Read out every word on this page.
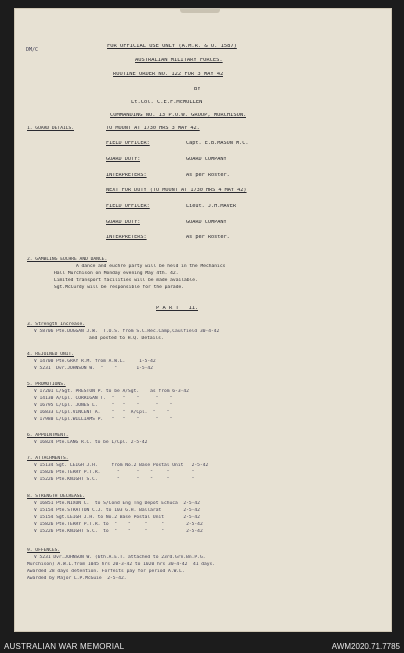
DM/C
FOR OFFICIAL USE ONLY (A.M.R. & O. 1587)
AUSTRALIAN MILITARY FORCES.
ROUTINE ORDER NO. 122 FOR 3 MAY 42
BY
Lt.Col. C.E.F.McMULLEN
COMMANDING NO. 13 P.O.W. GROUP, MURCHISON.
1. GUARD DETAILS.	TO MOUNT AT 1730 HRS 3 MAY 42.
FIELD OFFICER:	Capt. E.B.MASON M.C.
GUARD DUTY:	GUARD COMPANY
INTERPRETERS:	As per Roster.
NEXT FOR DUTY (TO MOUNT AT 1730 HRS 4 MAY 42)
FIELD OFFICER:	Lieut. J.H.MAVER
GUARD DUTY:	GUARD COMPANY
INTERPRETERS:	As per Roster.
2. GAMBLING EUCHRE AND DANCE.
A dance and euchre party will be held in the Mechanics
Hall Murchison on Monday evening May 4th. 42.
Limited transport facilities will be made available.
Sgt.McCurdy will be responsible for the parade.
P A R T   11.
3. Strength Increase.
V 58706 Pte.DUGGAN J.W.  T.O.S. from S.C.Rec.Camp,Caulfield 30-4-42
and posted to H.Q. Details.
4. REJOINED UNIT.
V 14700 Pte.GRAY R.M. from A.W.L.     1-5-42
V 5231  Dvr.JOHNSON W.  "    "       1-5-42
5. PROMOTIONS.
V 17201 L/Sgt. PRESTON P. to be A/Sgt.    as from 6-3-42
V 14130 A/Cpl. CORRIGAN T.  "   "    "      "    "
V 16795 L/Cpl. JONES L.     "   "    "      "    "
V 16833 L/Cpl.VINCENT A.    "   "  A/Cpl.  "    "
V 17980 L/Cpl.WILLIAMS P.   "   "    "      "    "
6. APPOINTMENT.
V 16824 Pte.LANG R.C. to be L/Cpl. 2-5-42
7. ATTACHMENTS.
V 15134 Sgt. LEIGH J.H.     from No.2 Base Postal Unit   2-5-42
V 15826 Pte.TERRY P.T.R.      "      "    "     "        "
V 15226 Pte.KNIGHT S.C.       "      "    "     "        "
8. STRENGTH DECREASE.
V 16851 Pte.NIXON C.  to S/Cond Eng Tng Depot Echuca  2-5-42
V 15154 Pte.STRATTON C.J. to 103 G.H. Ballarat        2-5-42
V 15154 Sgt.LEIGH J.H. to No.2 Base Postal Unit       2-5-42
V 15826 Pte.TERRY P.T.R. to  "    "     "     "        2-5-42
V 15226 Pte.KNIGHT S.C.  to  "    "     "     "        2-5-42
9. OFFENCES.
V 5231 Dvr.JOHNSON W. (6th.A.E.T. attached to 23rd.Grn.Bn.P.G.
Murchison) A.W.L.from 1045 hrs 20-3-42 to 1020 hrs 30-4-42  41 days.
Awarded 28 days detention. Forfeits pay for period A.W.L.
Awarded by Major L.P.McGuie  2-5-42.
AUSTRALIAN WAR MEMORIAL	AWM2020.71.7785
